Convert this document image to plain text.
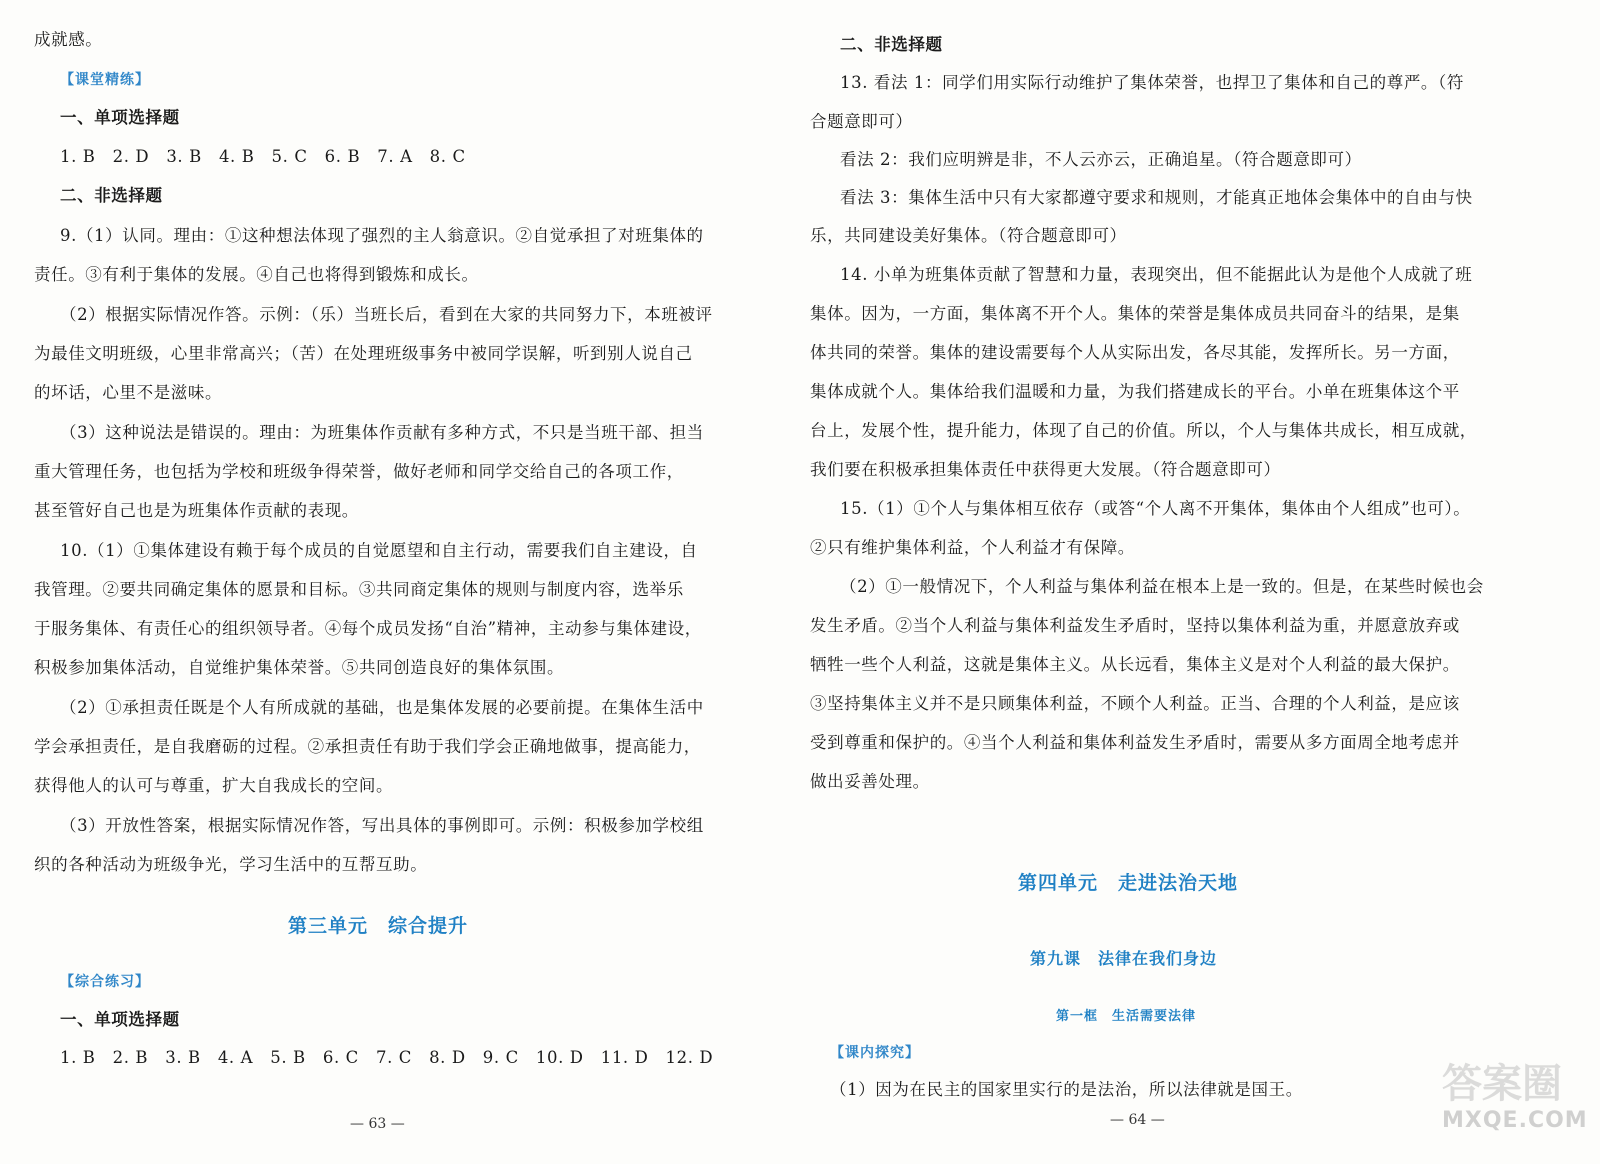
成就感。
【课堂精练】
一、单项选择题
1. B　2. D　3. B　4. B　5. C　6. B　7. A　8. C
二、非选择题
9.（1）认同。理由：①这种想法体现了强烈的主人翁意识。②自觉承担了对班集体的
责任。③有利于集体的发展。④自己也将得到锻炼和成长。
（2）根据实际情况作答。示例：（乐）当班长后，看到在大家的共同努力下，本班被评
为最佳文明班级，心里非常高兴；（苦）在处理班级事务中被同学误解，听到别人说自己
的坏话，心里不是滋味。
（3）这种说法是错误的。理由：为班集体作贡献有多种方式，不只是当班干部、担当
重大管理任务，也包括为学校和班级争得荣誉，做好老师和同学交给自己的各项工作，
甚至管好自己也是为班集体作贡献的表现。
10.（1）①集体建设有赖于每个成员的自觉愿望和自主行动，需要我们自主建设，自
我管理。②要共同确定集体的愿景和目标。③共同商定集体的规则与制度内容，选举乐
于服务集体、有责任心的组织领导者。④每个成员发扬“自治”精神，主动参与集体建设，
积极参加集体活动，自觉维护集体荣誉。⑤共同创造良好的集体氛围。
（2）①承担责任既是个人有所成就的基础，也是集体发展的必要前提。在集体生活中
学会承担责任，是自我磨砺的过程。②承担责任有助于我们学会正确地做事，提高能力，
获得他人的认可与尊重，扩大自我成长的空间。
（3）开放性答案，根据实际情况作答，写出具体的事例即可。示例：积极参加学校组
织的各种活动为班级争光，学习生活中的互帮互助。
第三单元　综合提升
【综合练习】
一、单项选择题
1. B　2. B　3. B　4. A　5. B　6. C　7. C　8. D　9. C　10. D　11. D　12. D
— 63 —
二、非选择题
13. 看法 1：同学们用实际行动维护了集体荣誉，也捍卫了集体和自己的尊严。（符
合题意即可）
看法 2：我们应明辨是非，不人云亦云，正确追星。（符合题意即可）
看法 3：集体生活中只有大家都遵守要求和规则，才能真正地体会集体中的自由与快
乐，共同建设美好集体。（符合题意即可）
14. 小单为班集体贡献了智慧和力量，表现突出，但不能据此认为是他个人成就了班
集体。因为，一方面，集体离不开个人。集体的荣誉是集体成员共同奋斗的结果，是集
体共同的荣誉。集体的建设需要每个人从实际出发，各尽其能，发挥所长。另一方面，
集体成就个人。集体给我们温暖和力量，为我们搭建成长的平台。小单在班集体这个平
台上，发展个性，提升能力，体现了自己的价值。所以，个人与集体共成长，相互成就，
我们要在积极承担集体责任中获得更大发展。（符合题意即可）
15.（1）①个人与集体相互依存（或答“个人离不开集体，集体由个人组成”也可）。
②只有维护集体利益，个人利益才有保障。
（2）①一般情况下，个人利益与集体利益在根本上是一致的。但是，在某些时候也会
发生矛盾。②当个人利益与集体利益发生矛盾时，坚持以集体利益为重，并愿意放弃或
牺牲一些个人利益，这就是集体主义。从长远看，集体主义是对个人利益的最大保护。
③坚持集体主义并不是只顾集体利益，不顾个人利益。正当、合理的个人利益，是应该
受到尊重和保护的。④当个人利益和集体利益发生矛盾时，需要从多方面周全地考虑并
做出妥善处理。
第四单元　走进法治天地
第九课　法律在我们身边
第一框　生活需要法律
【课内探究】
（1）因为在民主的国家里实行的是法治，所以法律就是国王。
— 64 —
答案圈
MXQE.COM
